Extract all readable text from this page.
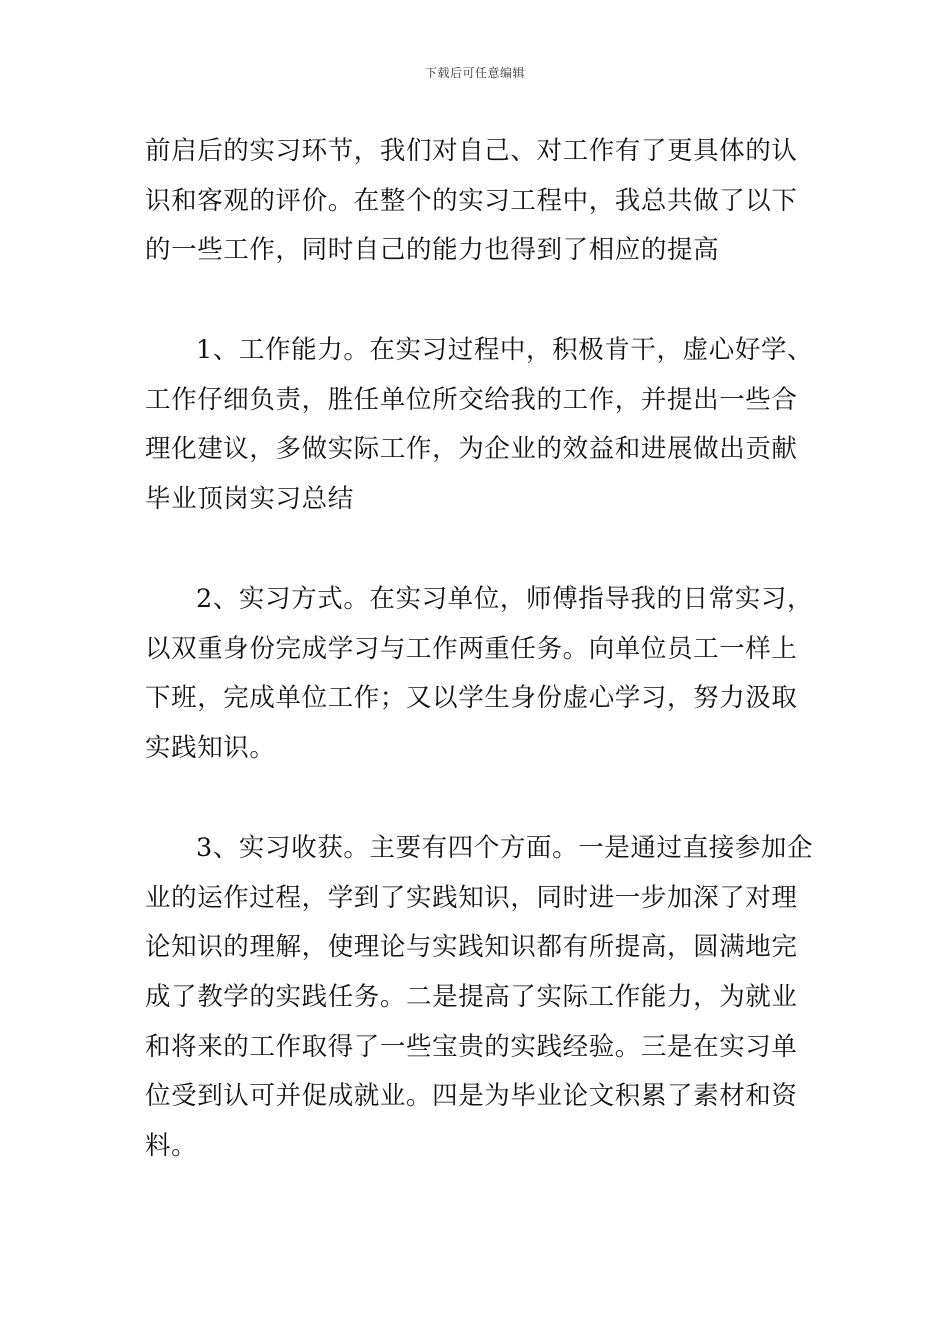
下载后可任意编辑
前启后的实习环节，我们对自己、对工作有了更具体的认
识和客观的评价。在整个的实习工程中，我总共做了以下
的一些工作，同时自己的能力也得到了相应的提高
1、工作能力。在实习过程中，积极肯干，虚心好学、
工作仔细负责，胜任单位所交给我的工作，并提出一些合
理化建议，多做实际工作，为企业的效益和进展做出贡献
毕业顶岗实习总结
2、实习方式。在实习单位，师傅指导我的日常实习，
以双重身份完成学习与工作两重任务。向单位员工一样上
下班，完成单位工作；又以学生身份虚心学习，努力汲取
实践知识。
3、实习收获。主要有四个方面。一是通过直接参加企
业的运作过程，学到了实践知识，同时进一步加深了对理
论知识的理解，使理论与实践知识都有所提高，圆满地完
成了教学的实践任务。二是提高了实际工作能力，为就业
和将来的工作取得了一些宝贵的实践经验。三是在实习单
位受到认可并促成就业。四是为毕业论文积累了素材和资
料。
